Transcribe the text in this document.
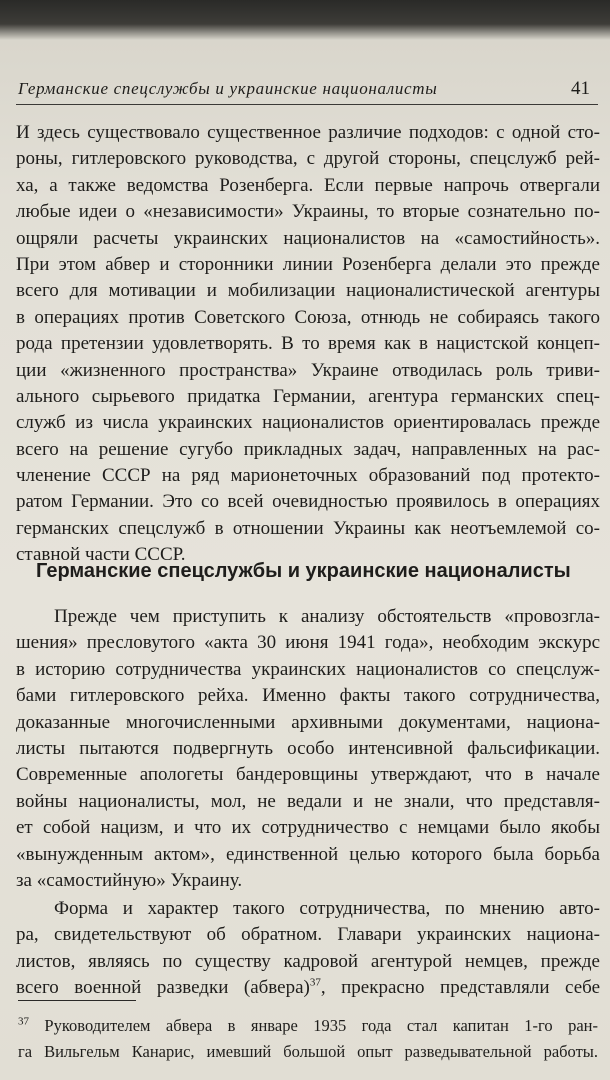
Германские спецслужбы и украинские националисты	41
И здесь существовало существенное различие подходов: с одной сто-
роны, гитлеровского руководства, с другой стороны, спецслужб рей-
ха, а также ведомства Розенберга. Если первые напрочь отвергали
любые идеи о «независимости» Украины, то вторые сознательно по-
ощряли расчеты украинских националистов на «самостийность».
При этом абвер и сторонники линии Розенберга делали это прежде
всего для мотивации и мобилизации националистической агентуры
в операциях против Советского Союза, отнюдь не собираясь такого
рода претензии удовлетворять. В то время как в нацистской концеп-
ции «жизненного пространства» Украине отводилась роль триви-
ального сырьевого придатка Германии, агентура германских спец-
служб из числа украинских националистов ориентировалась прежде
всего на решение сугубо прикладных задач, направленных на рас-
членение СССР на ряд марионеточных образований под протекто-
ратом Германии. Это со всей очевидностью проявилось в операциях
германских спецслужб в отношении Украины как неотъемлемой со-
ставной части СССР.
Германские спецслужбы и украинские националисты
Прежде чем приступить к анализу обстоятельств «провозгла-
шения» пресловутого «акта 30 июня 1941 года», необходим экскурс
в историю сотрудничества украинских националистов со спецслуж-
бами гитлеровского рейха. Именно факты такого сотрудничества,
доказанные многочисленными архивными документами, национа-
листы пытаются подвергнуть особо интенсивной фальсификации.
Современные апологеты бандеровщины утверждают, что в начале
войны националисты, мол, не ведали и не знали, что представля-
ет собой нацизм, и что их сотрудничество с немцами было якобы
«вынужденным актом», единственной целью которого была борьба
за «самостийную» Украину.
Форма и характер такого сотрудничества, по мнению авто-
ра, свидетельствуют об обратном. Главари украинских национа-
листов, являясь по существу кадровой агентурой немцев, прежде
всего военной разведки (абвера)$^{37}$, прекрасно представляли себе
$^{37}$ Руководителем абвера в январе 1935 года стал капитан 1-го ран-
га Вильгельм Канарис, имевший большой опыт разведывательной работы.
